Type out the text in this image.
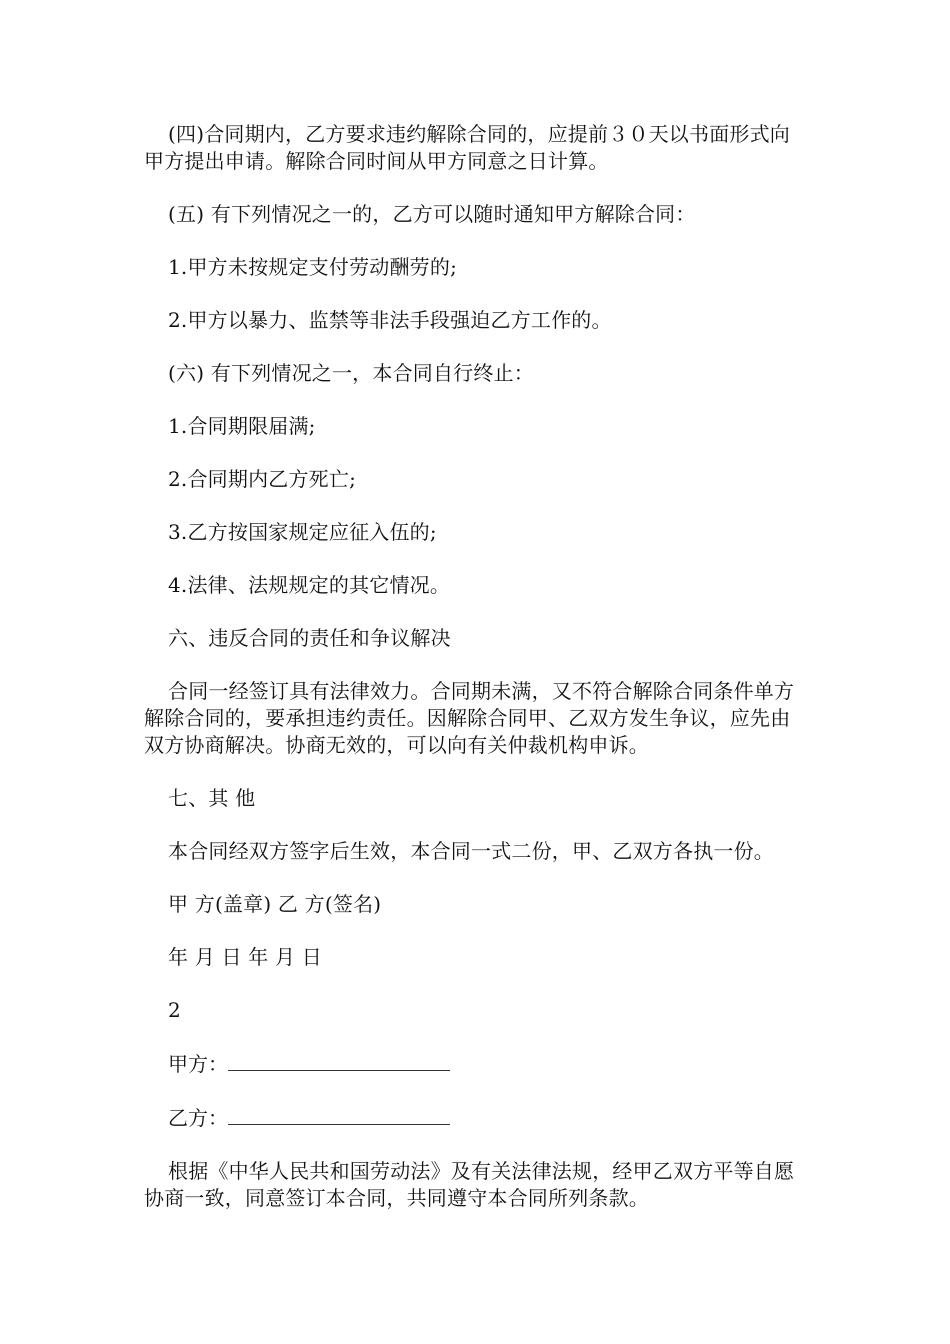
(四)合同期内，乙方要求违约解除合同的，应提前３０天以书面形式向甲方提出申请。解除合同时间从甲方同意之日计算。

(五) 有下列情况之一的，乙方可以随时通知甲方解除合同：

1.甲方未按规定支付劳动酬劳的;

2.甲方以暴力、监禁等非法手段强迫乙方工作的。

(六) 有下列情况之一，本合同自行终止：

1.合同期限届满;

2.合同期内乙方死亡;

3.乙方按国家规定应征入伍的;

4.法律、法规规定的其它情况。

六、违反合同的责任和争议解决

合同一经签订具有法律效力。合同期未满，又不符合解除合同条件单方解除合同的，要承担违约责任。因解除合同甲、乙双方发生争议，应先由双方协商解决。协商无效的，可以向有关仲裁机构申诉。

七、其 他

本合同经双方签字后生效，本合同一式二份，甲、乙双方各执一份。

甲 方(盖章) 乙 方(签名)

年 月 日 年 月 日

2

甲方：
乙方：

根据《中华人民共和国劳动法》及有关法律法规，经甲乙双方平等自愿协商一致，同意签订本合同，共同遵守本合同所列条款。
